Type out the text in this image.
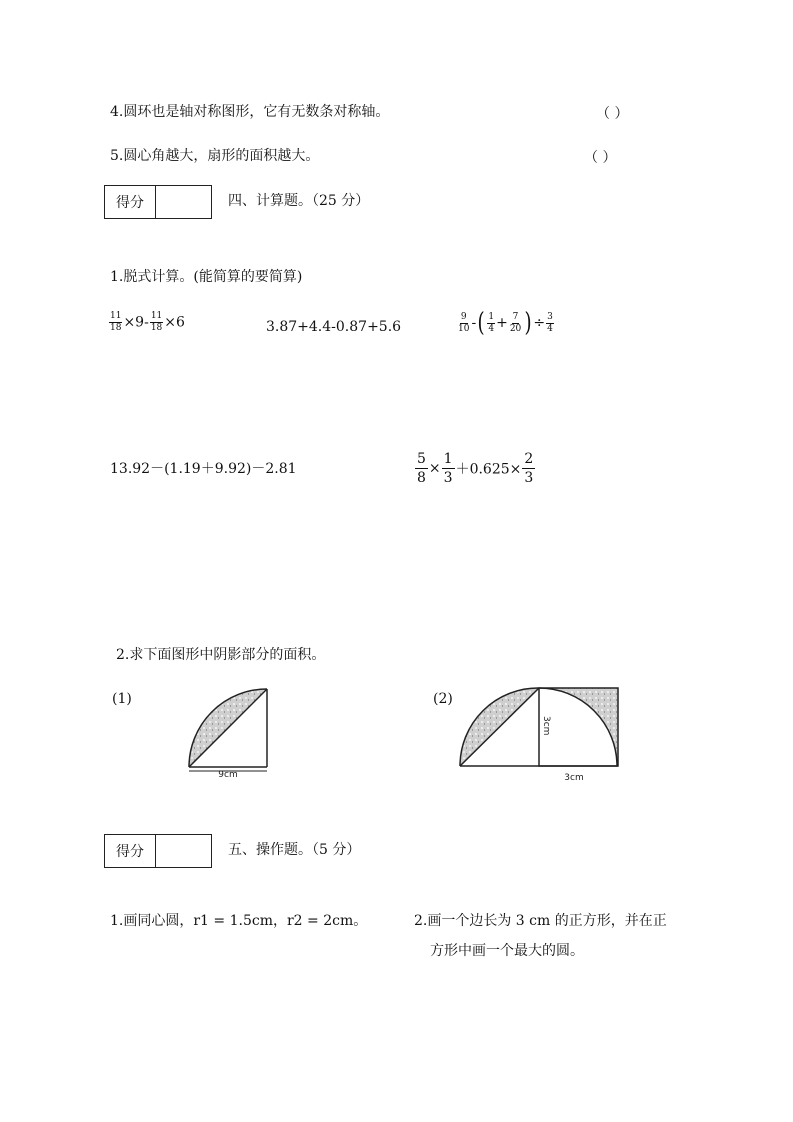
4.圆环也是轴对称图形，它有无数条对称轴。	（ ）
5.圆心角越大，扇形的面积越大。	（ ）
得分	四、计算题。（25 分）
1.脱式计算。(能简算的要简算)
$\frac{11}{18} \times 9- \frac{11}{18} \times 6$	3.87+4.4-0.87+5.6	$\frac{9}{10}$ -( $\frac{1}{4} + \frac{7}{20}$ ) ÷ $\frac{3}{4}$
13.92－(1.19＋9.92)－2.81	$\frac{5}{8} \times \frac{1}{3} +0.625\times \frac{2}{3}$
2.求下面图形中阴影部分的面积。
(1)	(2)
9cm
3cm
3cm
得分	五、操作题。（5 分）
1.画同心圆，r1 = 1.5cm，r2 = 2cm。	2.画一个边长为 3 cm 的正方形，并在正
方形中画一个最大的圆。
